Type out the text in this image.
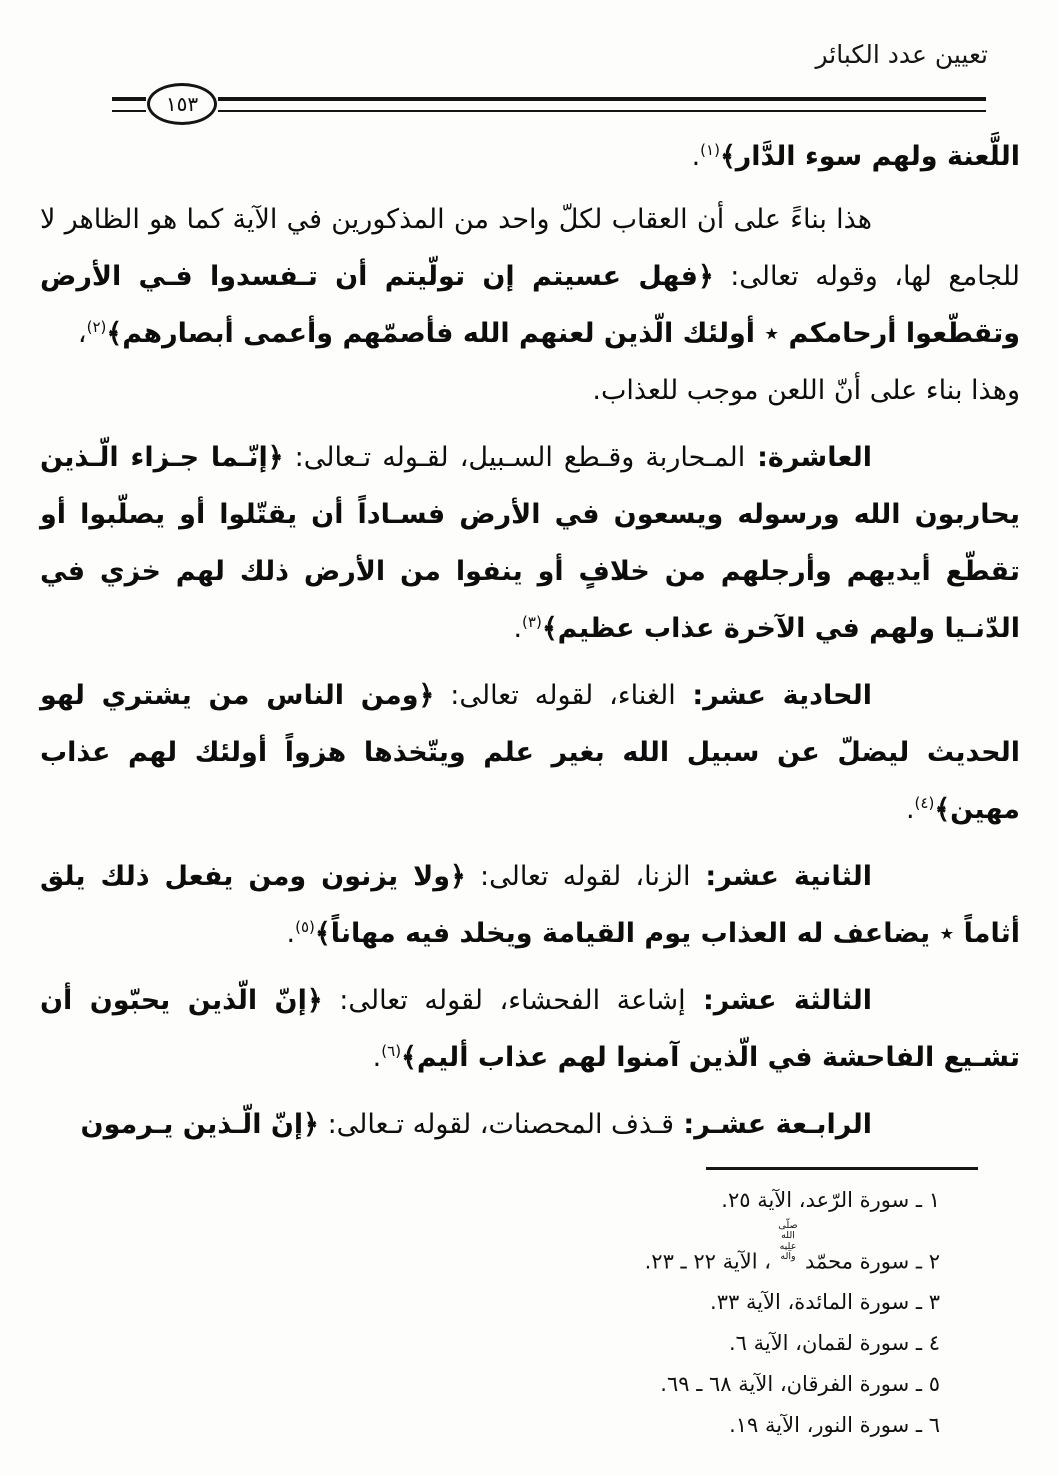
تعيين عدد الكبائر
١٥٣

اللَّعنة ولهم سوء الدَّار﴾$^{(١)}$.

هذا بناءً على أن العقاب لكلّ واحد من المذكورين في الآية كما هو الظاهر لا للجامع لها، وقوله تعالى: ﴿فهل عسيتم إن تولّيتم أن تـفسدوا فـي الأرض وتقطّعوا أرحامكم ٭ أولئك الّذين لعنهم الله فأصمّهم وأعمى أبصارهم﴾$^{(٢)}$،
وهذا بناء على أنّ اللعن موجب للعذاب.

العاشرة: المـحاربة وقـطع السـبيل، لقـوله تـعالى: ﴿إنّـما جـزاء الّـذين يحاربون الله ورسوله ويسعون في الأرض فسـاداً أن يقتّلوا أو يصلّبوا أو تقطّع أيديهم وأرجلهم من خلافٍ أو ينفوا من الأرض ذلك لهم خزي في الدّنـيا ولهم في الآخرة عذاب عظيم﴾$^{(٣)}$.

الحادية عشر: الغناء، لقوله تعالى: ﴿ومن الناس من يشتري لهو الحديث ليضلّ عن سبيل الله بغير علم ويتّخذها هزواً أولئك لهم عذاب مهين﴾$^{(٤)}$.

الثانية عشر: الزنا، لقوله تعالى: ﴿ولا يزنون ومن يفعل ذلك يلق أثاماً ٭ يضاعف له العذاب يوم القيامة ويخلد فيه مهاناً﴾$^{(٥)}$.

الثالثة عشر: إشاعة الفحشاء، لقوله تعالى: ﴿إنّ الّذين يحبّون أن تشـيع الفاحشة في الّذين آمنوا لهم عذاب أليم﴾$^{(٦)}$.

الرابـعة عشـر: قـذف المحصنات، لقوله تـعالى: ﴿إنّ الّـذين يـرمون

١ ـ سورة الرّعد، الآية ٢٥.
٢ ـ سورة محمّدصلّى الله عليه وآله، الآية ٢٢ ـ ٢٣.
٣ ـ سورة المائدة، الآية ٣٣.
٤ ـ سورة لقمان، الآية ٦.
٥ ـ سورة الفرقان، الآية ٦٨ ـ ٦٩.
٦ ـ سورة النور، الآية ١٩.
